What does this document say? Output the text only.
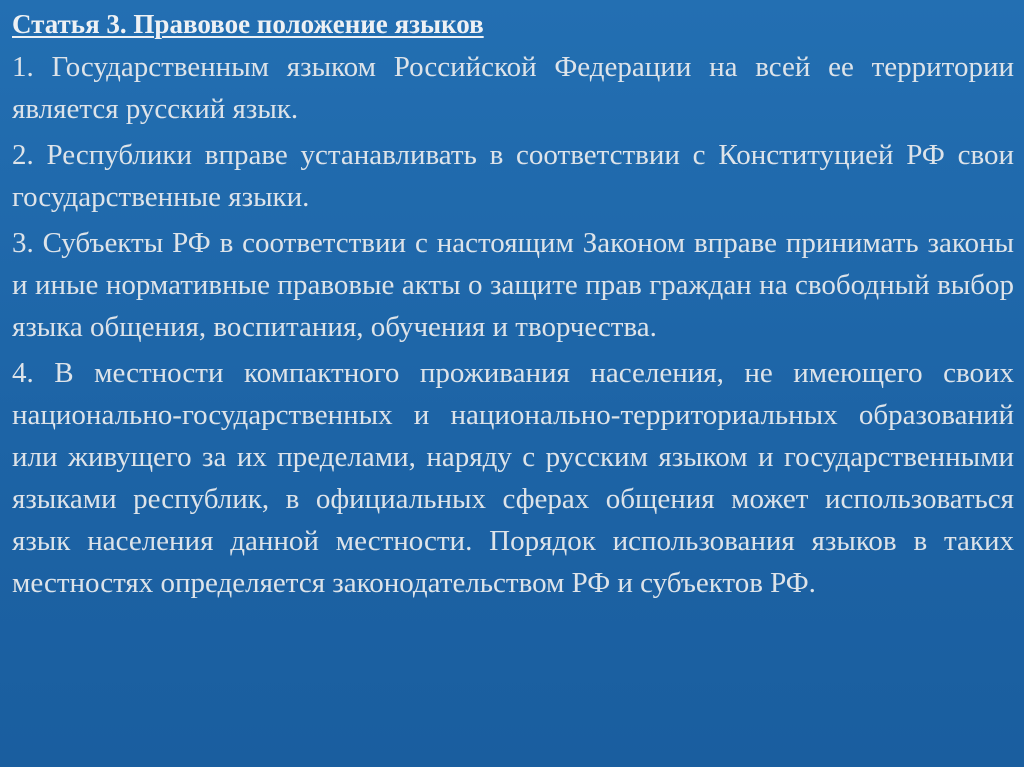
Статья 3. Правовое положение языков

1. Государственным языком Российской Федерации на всей ее территории является русский язык.

2. Республики вправе устанавливать в соответствии с Конституцией РФ свои государственные языки.

3. Субъекты РФ в соответствии с настоящим Законом вправе принимать законы и иные нормативные правовые акты о защите прав граждан на свободный выбор языка общения, воспитания, обучения и творчества.

4. В местности компактного проживания населения, не имеющего своих национально-государственных и национально-территориальных образований или живущего за их пределами, наряду с русским языком и государственными языками республик, в официальных сферах общения может использоваться язык населения данной местности. Порядок использования языков в таких местностях определяется законодательством РФ и субъектов РФ.
